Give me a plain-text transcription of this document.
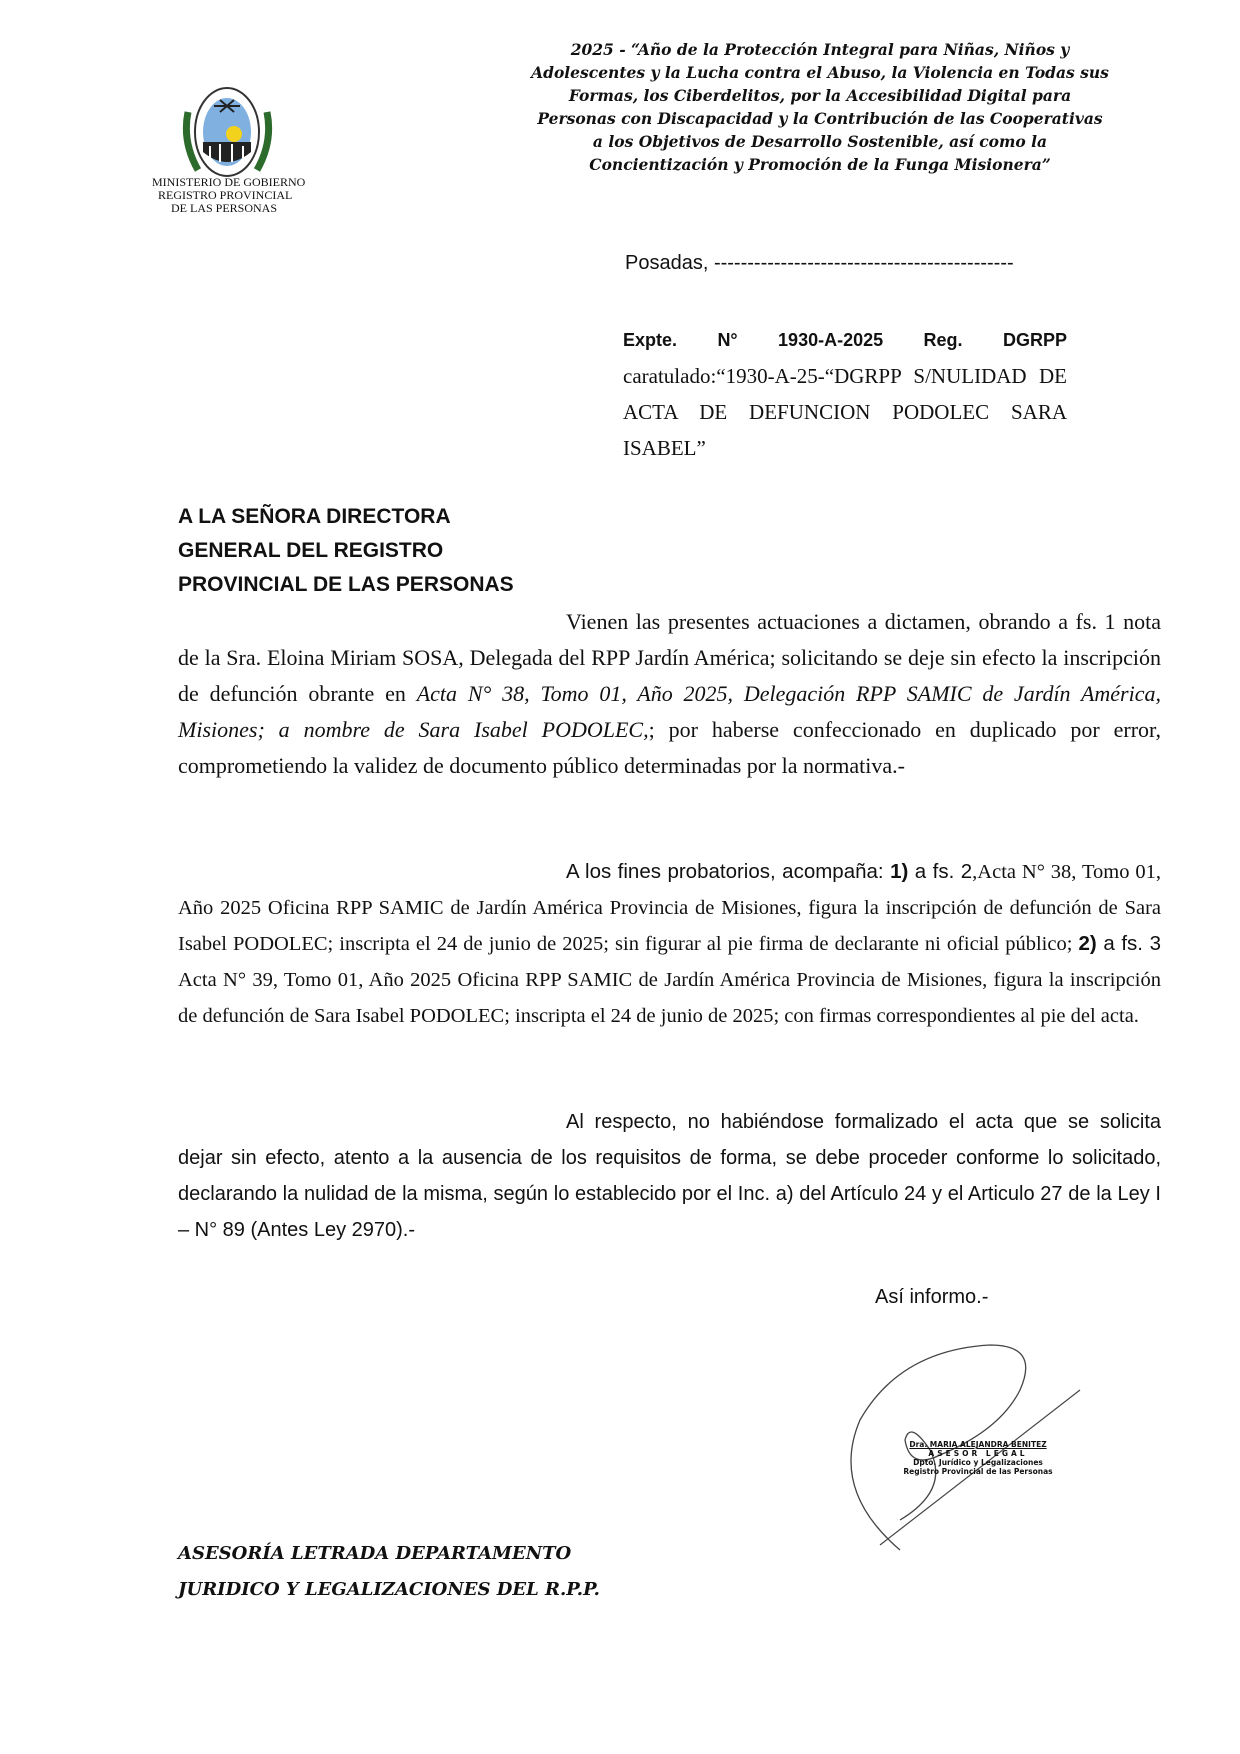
2025 - “Año de la Protección Integral para Niñas, Niños y
Adolescentes y la Lucha contra el Abuso, la Violencia en Todas sus
Formas, los Ciberdelitos, por la Accesibilidad Digital para
Personas con Discapacidad y la Contribución de las Cooperativas
a los Objetivos de Desarrollo Sostenible, así como la
Concientización y Promoción de la Funga Misionera”
MINISTERIO DE GOBIERNO
REGISTRO PROVINCIAL
DE LAS PERSONAS
Posadas, ---------------------------------------------
Expte. N° 1930-A-2025 Reg. DGRPP
caratulado:“1930-A-25-“DGRPP S/NULIDAD DE ACTA DE DEFUNCION PODOLEC SARA ISABEL”
A LA SEÑORA DIRECTORA
GENERAL DEL REGISTRO
PROVINCIAL DE LAS PERSONAS
Vienen las presentes actuaciones a dictamen, obrando a fs. 1 nota de la Sra. Eloina Miriam SOSA, Delegada del RPP Jardín América; solicitando se deje sin efecto la inscripción de defunción obrante en Acta N° 38, Tomo 01, Año 2025, Delegación RPP SAMIC de Jardín América, Misiones; a nombre de Sara Isabel PODOLEC,; por haberse confeccionado en duplicado por error, comprometiendo la validez de documento público determinadas por la normativa.-
A los fines probatorios, acompaña: 1) a fs. 2,Acta N° 38, Tomo 01, Año 2025 Oficina RPP SAMIC de Jardín América Provincia de Misiones, figura la inscripción de defunción de Sara Isabel PODOLEC; inscripta el 24 de junio de 2025; sin figurar al pie firma de declarante ni oficial público; 2) a fs. 3 Acta N° 39, Tomo 01, Año 2025 Oficina RPP SAMIC de Jardín América Provincia de Misiones, figura la inscripción de defunción de Sara Isabel PODOLEC; inscripta el 24 de junio de 2025; con firmas correspondientes al pie del acta.
Al respecto, no habiéndose formalizado el acta que se solicita dejar sin efecto, atento a la ausencia de los requisitos de forma, se debe proceder conforme lo solicitado, declarando la nulidad de la misma, según lo establecido por el Inc. a) del Artículo 24 y el Articulo 27 de la Ley I – N° 89 (Antes Ley 2970).-
Así informo.-
Dra. MARIA ALEJANDRA BENITEZ
ASESOR LEGAL
Dpto. Jurídico y Legalizaciones
Registro Provincial de las Personas
ASESORÍA LETRADA DEPARTAMENTO
JURIDICO Y LEGALIZACIONES DEL R.P.P.
